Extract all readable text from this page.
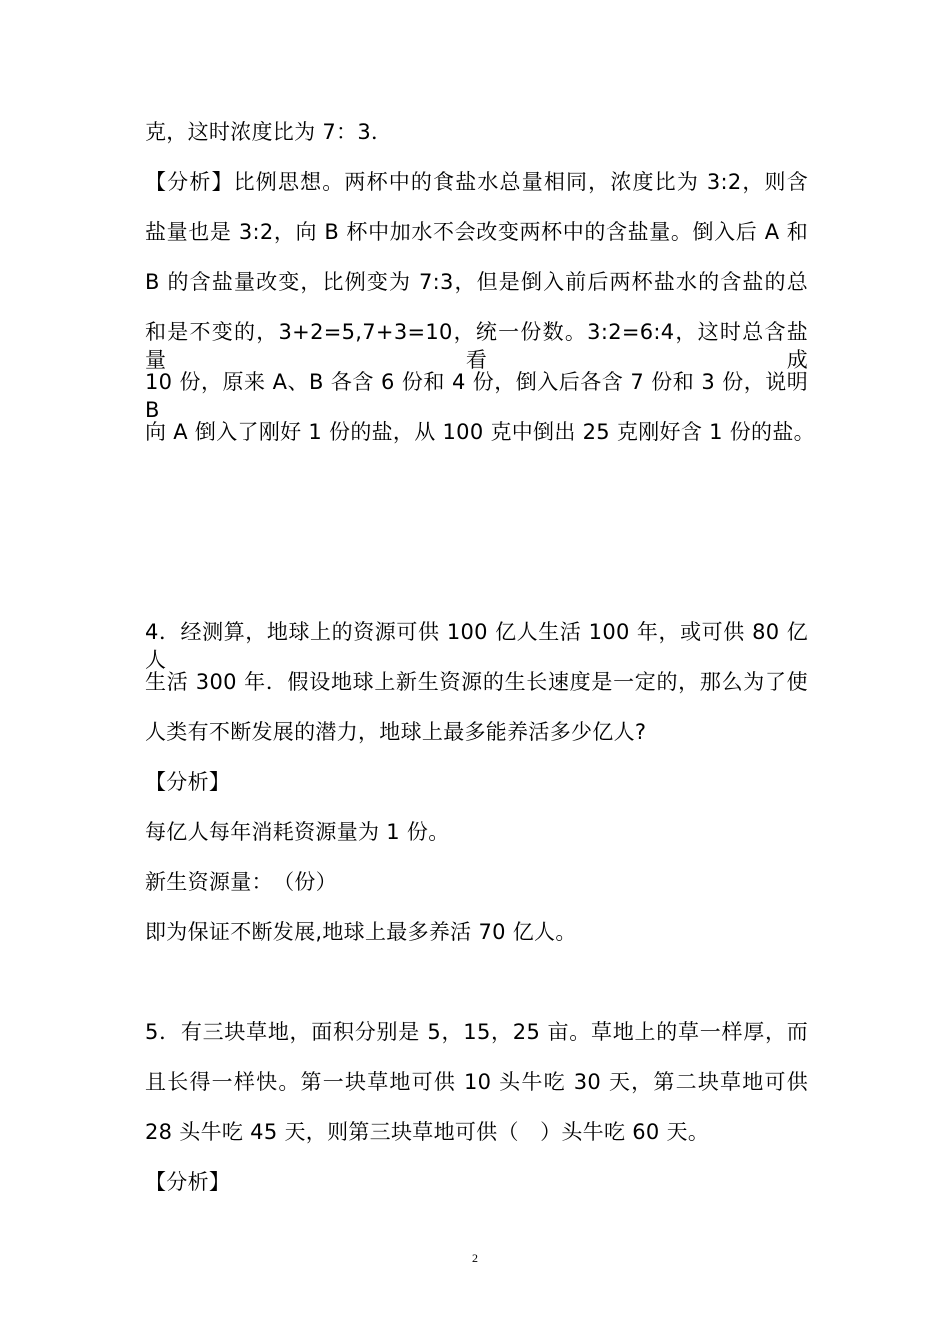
克，这时浓度比为 7：3．
【分析】比例思想。两杯中的食盐水总量相同，浓度比为 3:2，则含
盐量也是 3:2，向 B 杯中加水不会改变两杯中的含盐量。倒入后 A 和
B 的含盐量改变，比例变为 7:3，但是倒入前后两杯盐水的含盐的总
和是不变的，3+2=5,7+3=10，统一份数。3:2=6:4，这时总含盐量看成
10 份，原来 A、B 各含 6 份和 4 份，倒入后各含 7 份和 3 份，说明 B
向 A 倒入了刚好 1 份的盐，从 100 克中倒出 25 克刚好含 1 份的盐。
4．经测算，地球上的资源可供 100 亿人生活 100 年，或可供 80 亿人
生活 300 年．假设地球上新生资源的生长速度是一定的，那么为了使
人类有不断发展的潜力，地球上最多能养活多少亿人?
【分析】
每亿人每年消耗资源量为 1 份。
新生资源量：　（份）
即为保证不断发展,地球上最多养活 70 亿人。
5．有三块草地，面积分别是 5，15，25 亩。草地上的草一样厚，而
且长得一样快。第一块草地可供 10 头牛吃 30 天，第二块草地可供
28 头牛吃 45 天，则第三块草地可供（　）头牛吃 60 天。
【分析】
2
